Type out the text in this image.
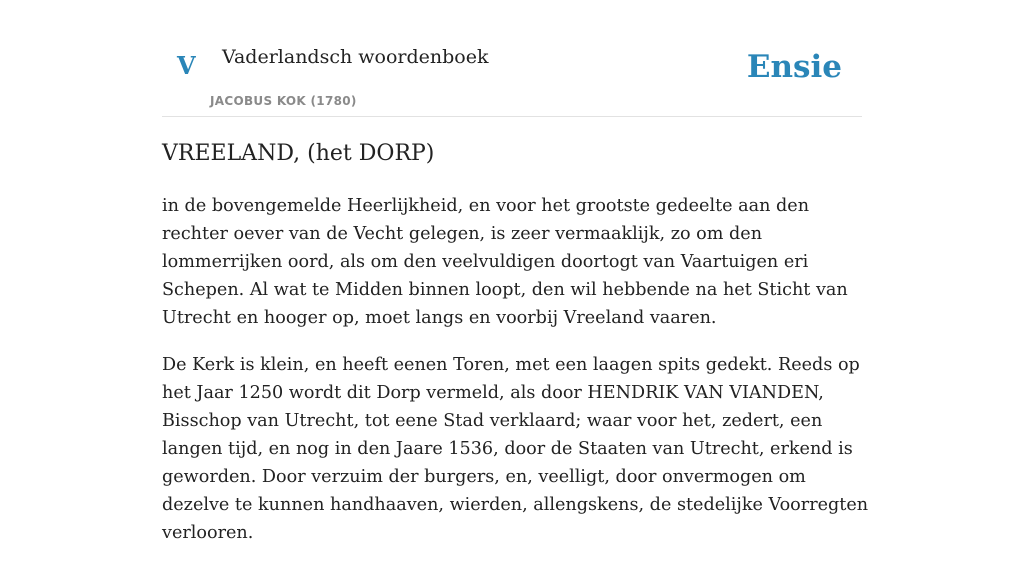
V Vaderlandsch woordenboek
JACOBUS KOK (1780)
Ensie
VREELAND, (het DORP)

in de bovengemelde Heerlijkheid, en voor het grootste gedeelte aan den rechter oever van de Vecht gelegen, is zeer vermaaklijk, zo om den lommerrijken oord, als om den veelvuldigen doortogt van Vaartuigen eri Schepen. Al wat te Midden binnen loopt, den wil hebbende na het Sticht van Utrecht en hooger op, moet langs en voorbij Vreeland vaaren.

De Kerk is klein, en heeft eenen Toren, met een laagen spits gedekt. Reeds op het Jaar 1250 wordt dit Dorp vermeld, als door HENDRIK VAN VIANDEN, Bisschop van Utrecht, tot eene Stad verklaard; waar voor het, zedert, een langen tijd, en nog in den Jaare 1536, door de Staaten van Utrecht, erkend is geworden. Door verzuim der burgers, en, veelligt, door onvermogen om dezelve te kunnen handhaaven, wierden, allengskens, de stedelijke Voorregten verlooren.
